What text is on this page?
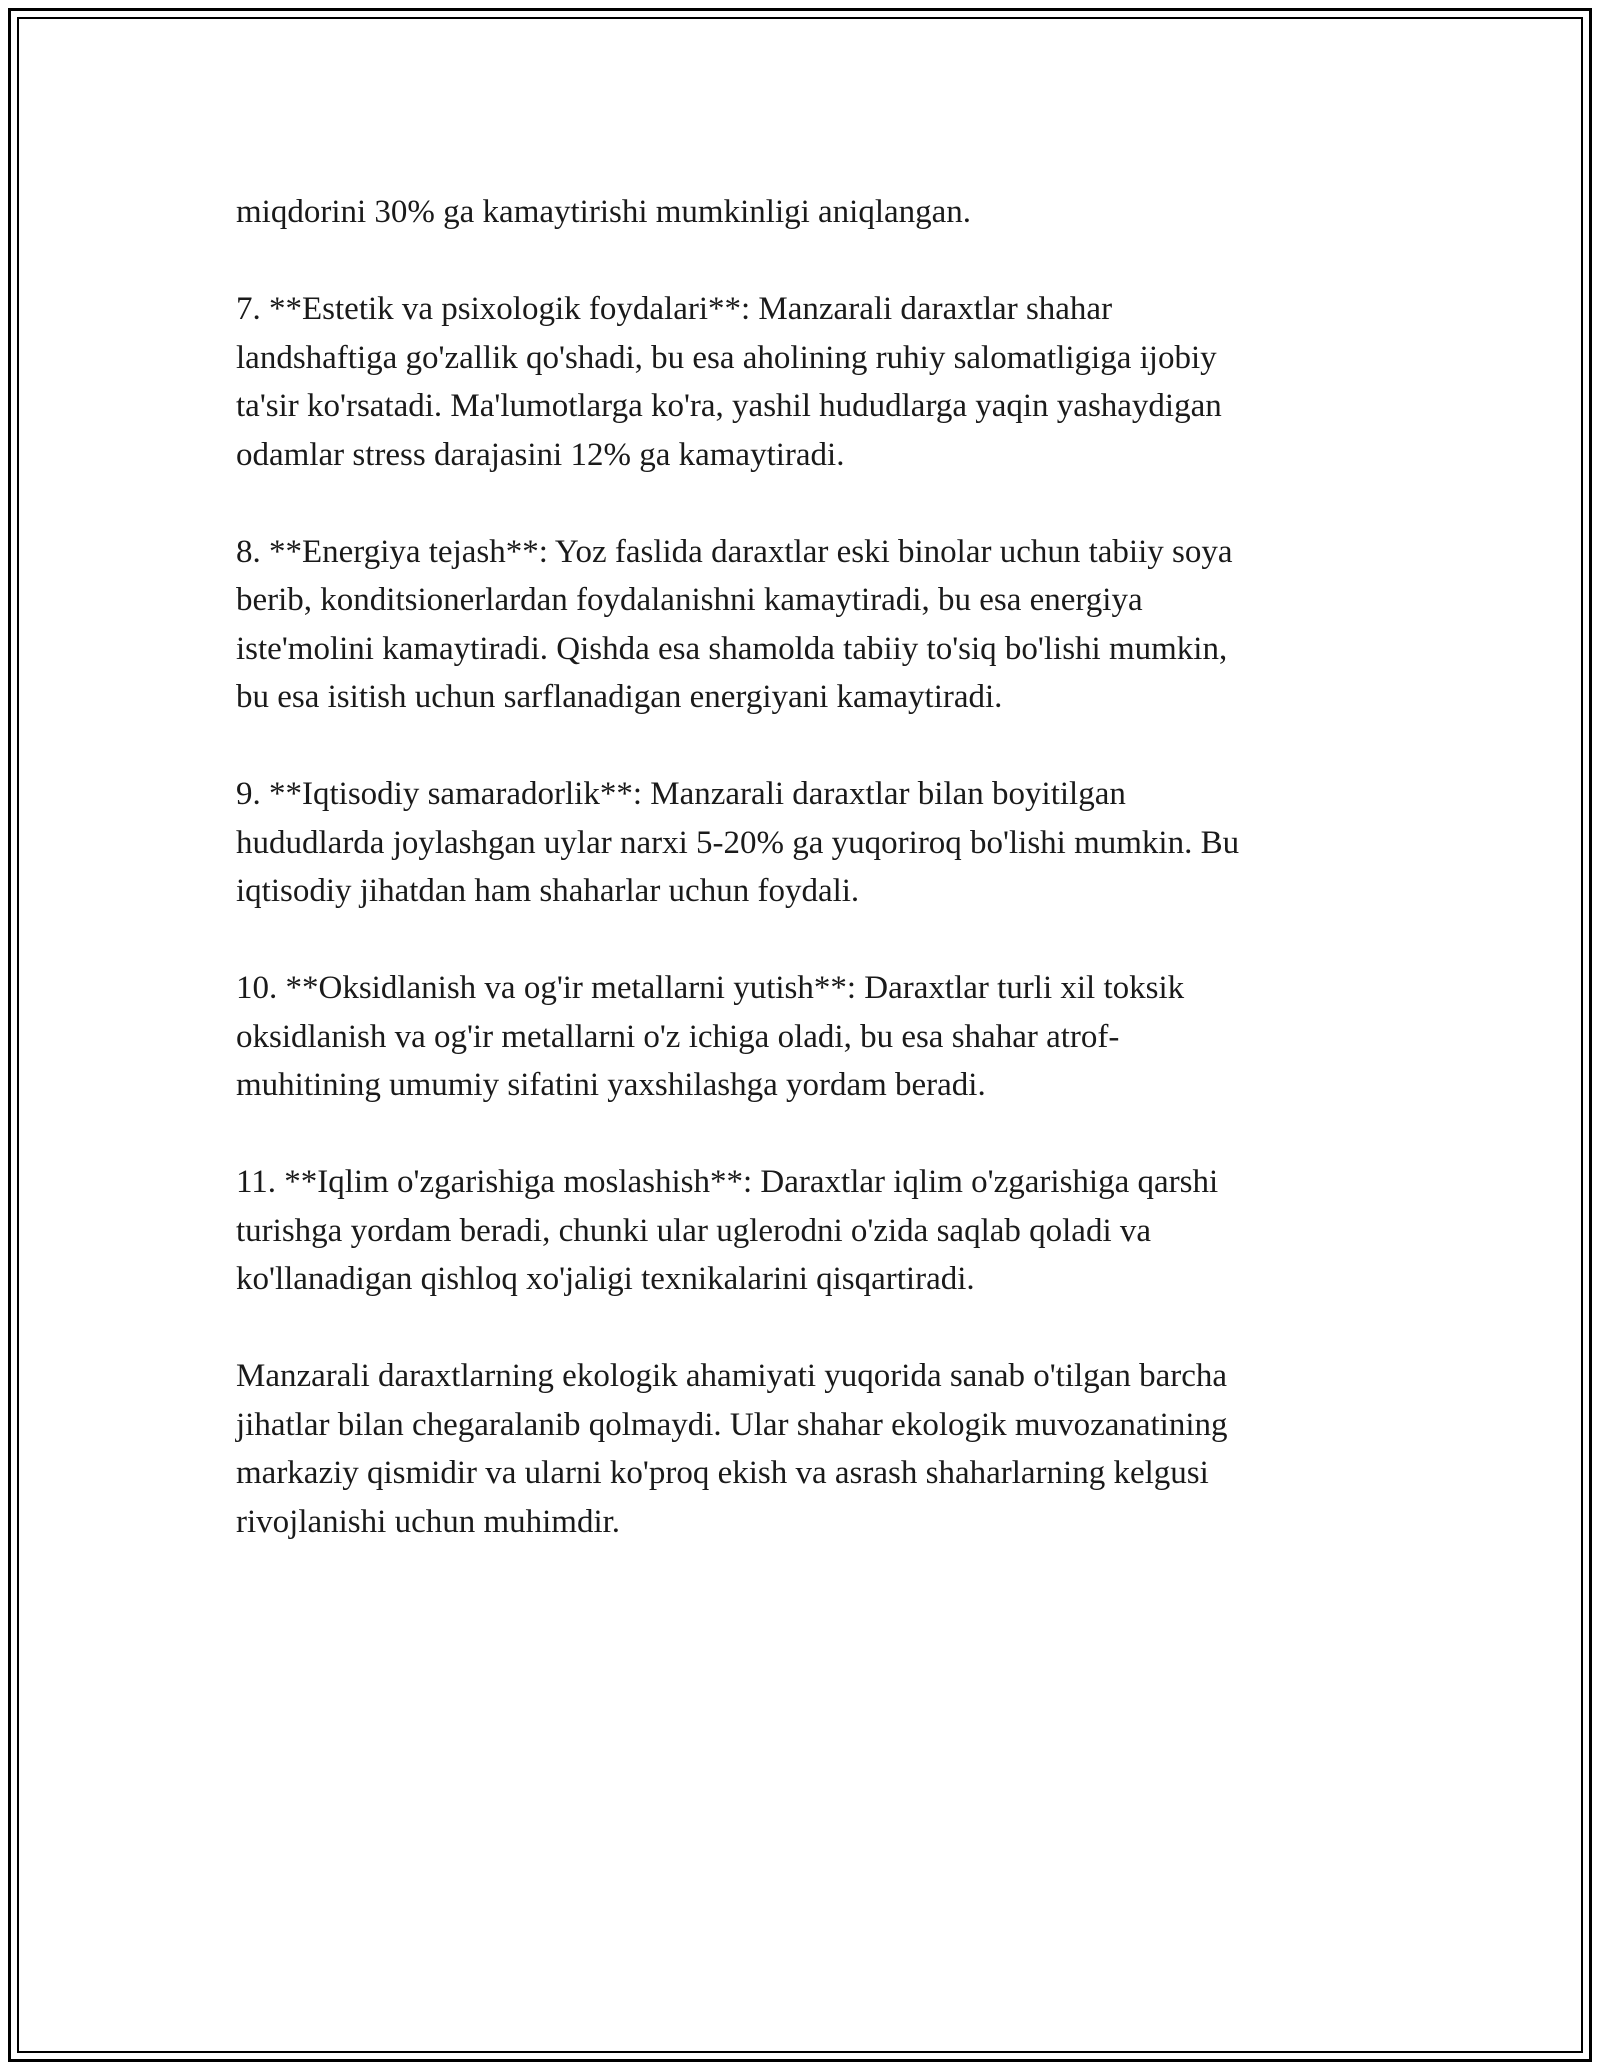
miqdorini 30% ga kamaytirishi mumkinligi aniqlangan.

7. **Estetik va psixologik foydalari**: Manzarali daraxtlar shahar
landshaftiga go'zallik qo'shadi, bu esa aholining ruhiy salomatligiga ijobiy
ta'sir ko'rsatadi. Ma'lumotlarga ko'ra, yashil hududlarga yaqin yashaydigan
odamlar stress darajasini 12% ga kamaytiradi.

8. **Energiya tejash**: Yoz faslida daraxtlar eski binolar uchun tabiiy soya
berib, konditsionerlardan foydalanishni kamaytiradi, bu esa energiya
iste'molini kamaytiradi. Qishda esa shamolda tabiiy to'siq bo'lishi mumkin,
bu esa isitish uchun sarflanadigan energiyani kamaytiradi.

9. **Iqtisodiy samaradorlik**: Manzarali daraxtlar bilan boyitilgan
hududlarda joylashgan uylar narxi 5-20% ga yuqoriroq bo'lishi mumkin. Bu
iqtisodiy jihatdan ham shaharlar uchun foydali.

10. **Oksidlanish va og'ir metallarni yutish**: Daraxtlar turli xil toksik
oksidlanish va og'ir metallarni o'z ichiga oladi, bu esa shahar atrof-
muhitining umumiy sifatini yaxshilashga yordam beradi.

11. **Iqlim o'zgarishiga moslashish**: Daraxtlar iqlim o'zgarishiga qarshi
turishga yordam beradi, chunki ular uglerodni o'zida saqlab qoladi va
ko'llanadigan qishloq xo'jaligi texnikalarini qisqartiradi.

Manzarali daraxtlarning ekologik ahamiyati yuqorida sanab o'tilgan barcha
jihatlar bilan chegaralanib qolmaydi. Ular shahar ekologik muvozanatining
markaziy qismidir va ularni ko'proq ekish va asrash shaharlarning kelgusi
rivojlanishi uchun muhimdir.
